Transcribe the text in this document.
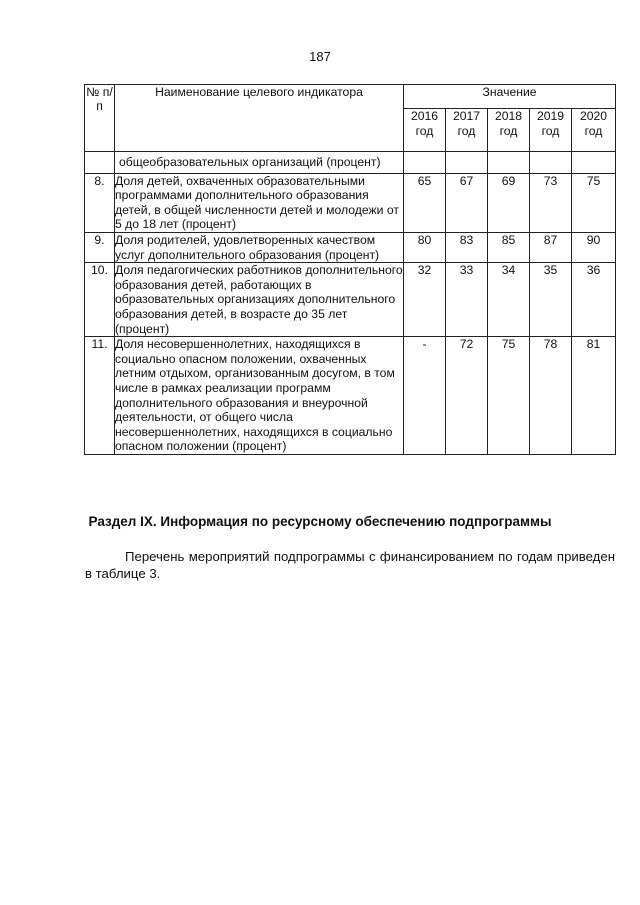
187
№ п/п	Наименование целевого индикатора	Значение				
		2016 год	2017 год	2018 год	2019 год	2020 год
	общеобразовательных организаций (процент)					
8.	Доля детей, охваченных образовательными программами дополнительного образования детей, в общей численности детей и молодежи от 5 до 18 лет (процент)	65	67	69	73	75
9.	Доля родителей, удовлетворенных качеством услуг дополнительного образования (процент)	80	83	85	87	90
10.	Доля педагогических работников дополнительного образования детей, работающих в образовательных организациях дополнительного образования детей, в возрасте до 35 лет (процент)	32	33	34	35	36
11.	Доля несовершеннолетних, находящихся в социально опасном положении, охваченных летним отдыхом, организованным досугом, в том числе в рамках реализации программ дополнительного образования и внеурочной деятельности, от общего числа несовершеннолетних, находящихся в социально опасном положении (процент)	-	72	75	78	81
Раздел IX. Информация по ресурсному обеспечению подпрограммы
Перечень мероприятий подпрограммы с финансированием по годам приведен в таблице 3.
